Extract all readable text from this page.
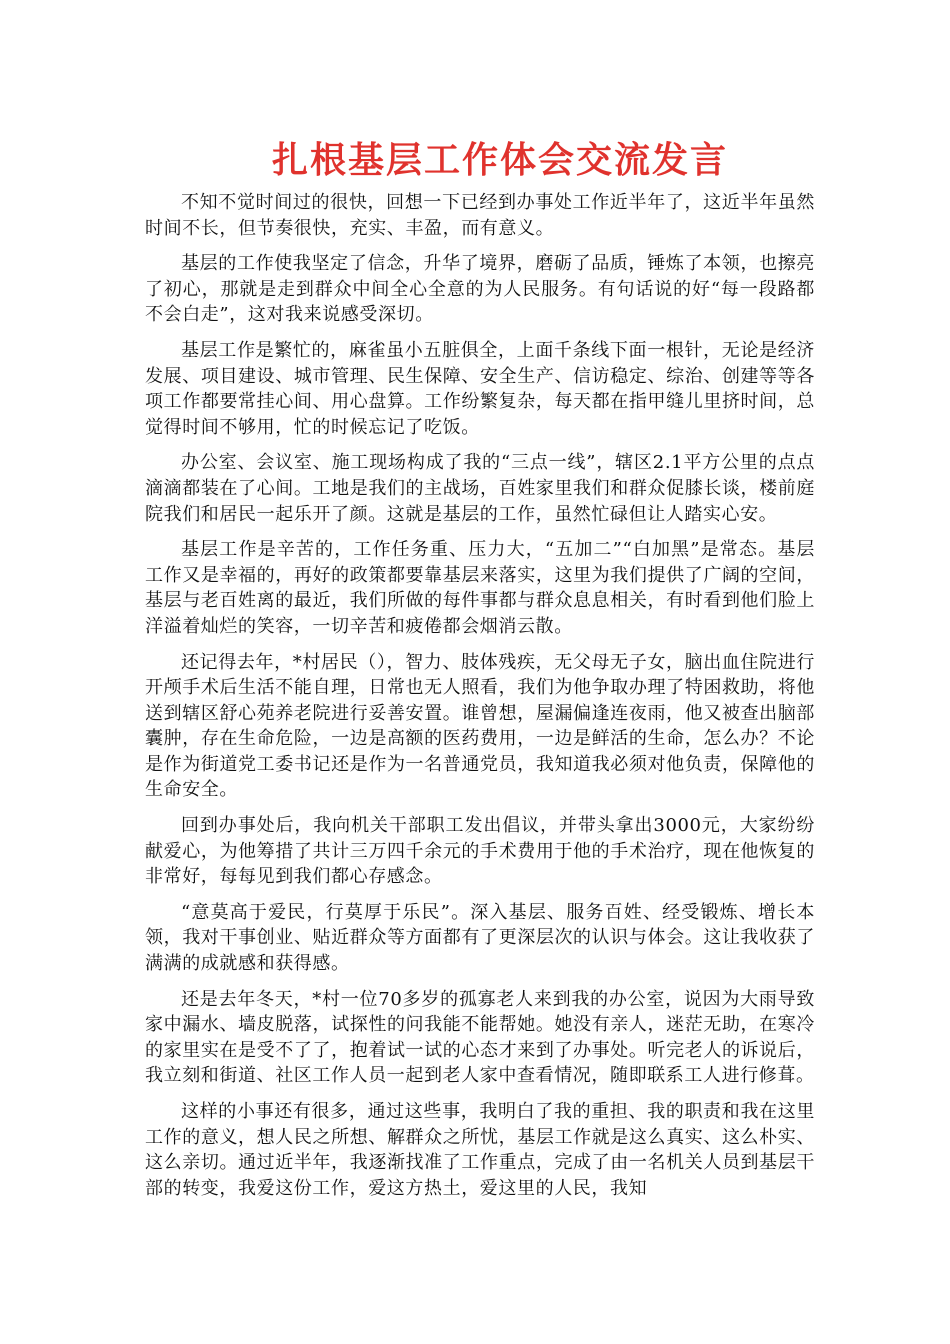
扎根基层工作体会交流发言

不知不觉时间过的很快，回想一下已经到办事处工作近半年了，这近半年虽然时间不长，但节奏很快，充实、丰盈，而有意义。

基层的工作使我坚定了信念，升华了境界，磨砺了品质，锤炼了本领，也擦亮了初心，那就是走到群众中间全心全意的为人民服务。有句话说的好“每一段路都不会白走”，这对我来说感受深切。

基层工作是繁忙的，麻雀虽小五脏俱全，上面千条线下面一根针，无论是经济发展、项目建设、城市管理、民生保障、安全生产、信访稳定、综治、创建等等各项工作都要常挂心间、用心盘算。工作纷繁复杂，每天都在指甲缝儿里挤时间，总觉得时间不够用，忙的时候忘记了吃饭。

办公室、会议室、施工现场构成了我的“三点一线”，辖区2.1平方公里的点点滴滴都装在了心间。工地是我们的主战场，百姓家里我们和群众促膝长谈，楼前庭院我们和居民一起乐开了颜。这就是基层的工作，虽然忙碌但让人踏实心安。

基层工作是辛苦的，工作任务重、压力大，“五加二”“白加黑”是常态。基层工作又是幸福的，再好的政策都要靠基层来落实，这里为我们提供了广阔的空间，基层与老百姓离的最近，我们所做的每件事都与群众息息相关，有时看到他们脸上洋溢着灿烂的笑容，一切辛苦和疲倦都会烟消云散。

还记得去年，*村居民（），智力、肢体残疾，无父母无子女，脑出血住院进行开颅手术后生活不能自理，日常也无人照看，我们为他争取办理了特困救助，将他送到辖区舒心苑养老院进行妥善安置。谁曾想，屋漏偏逢连夜雨，他又被查出脑部囊肿，存在生命危险，一边是高额的医药费用，一边是鲜活的生命，怎么办？不论是作为街道党工委书记还是作为一名普通党员，我知道我必须对他负责，保障他的生命安全。

回到办事处后，我向机关干部职工发出倡议，并带头拿出3000元，大家纷纷献爱心，为他筹措了共计三万四千余元的手术费用于他的手术治疗，现在他恢复的非常好，每每见到我们都心存感念。

“意莫高于爱民，行莫厚于乐民”。深入基层、服务百姓、经受锻炼、增长本领，我对干事创业、贴近群众等方面都有了更深层次的认识与体会。这让我收获了满满的成就感和获得感。

还是去年冬天，*村一位70多岁的孤寡老人来到我的办公室，说因为大雨导致家中漏水、墙皮脱落，试探性的问我能不能帮她。她没有亲人，迷茫无助，在寒冷的家里实在是受不了了，抱着试一试的心态才来到了办事处。听完老人的诉说后，我立刻和街道、社区工作人员一起到老人家中查看情况，随即联系工人进行修葺。

这样的小事还有很多，通过这些事，我明白了我的重担、我的职责和我在这里工作的意义，想人民之所想、解群众之所忧，基层工作就是这么真实、这么朴实、这么亲切。通过近半年，我逐渐找准了工作重点，完成了由一名机关人员到基层干部的转变，我爱这份工作，爱这方热土，爱这里的人民，我知
